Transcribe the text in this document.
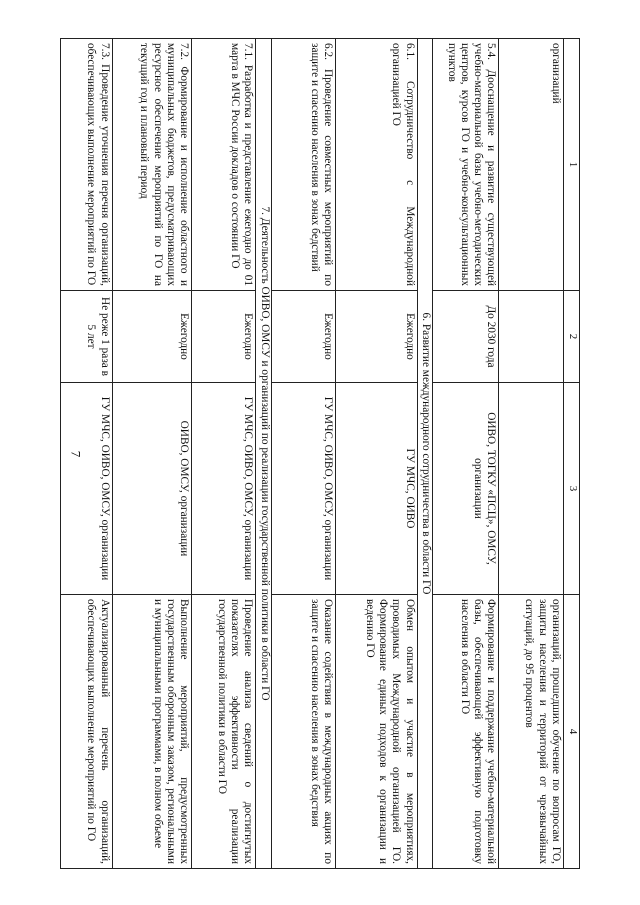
7
1	2	3	4
организаций			организаций, прошедших обучение по вопросам ГО, защиты населения и территорий от чрезвычайных ситуаций, до 95 процентов
5.4. Дооснащение и развитие существующей учебно-материальной базы учебно-методических центров, курсов ГО и учебно-консультационных пунктов	До 2030 года	ОИВО, ТОГКУ «ПСЦ», ОМСУ, организации	Формирование и поддержание учебно-материальной базы, обеспечивающей эффективную подготовку населения в области ГО
6. Развитие международного сотрудничества в области ГО			
6.1. Сотрудничество с Международной организацией ГО	Ежегодно	ГУ МЧС, ОИВО	Обмен опытом и участие в мероприятиях, проводимых Международной организацией ГО. Формирование единых подходов к организации и ведению ГО
6.2. Проведение совместных мероприятий по защите и спасению населения в зонах бедствий	Ежегодно	ГУ МЧС, ОИВО, ОМСУ, организации	Оказание содействия в международных акциях по защите и спасению населения в зонах бедствия
7. Деятельность ОИВО, ОМСУ и организаций по реализации государственной политики в области ГО			
7.1. Разработка и представление ежегодно до 01 марта в МЧС России докладов о состоянии ГО	Ежегодно	ГУ МЧС, ОИВО, ОМСУ, организации	Проведение анализа сведений о достигнутых показателях эффективности реализации государственной политики в области ГО
7.2. Формирование и исполнение областного и муниципальных бюджетов, предусматривающих ресурсное обеспечение мероприятий по ГО на текущий год и плановый период	Ежегодно	ОИВО, ОМСУ, организации	Выполнение мероприятий, предусмотренных государственным оборонным заказом, региональными и муниципальными программами, в полном объеме
7.3. Проведение уточнения перечня организаций, обеспечивающих выполнение мероприятий по ГО	Не реже 1 раза в 5 лет	ГУ МЧС, ОИВО, ОМСУ, организации	Актуализированный перечень организаций, обеспечивающих выполнение мероприятий по ГО
